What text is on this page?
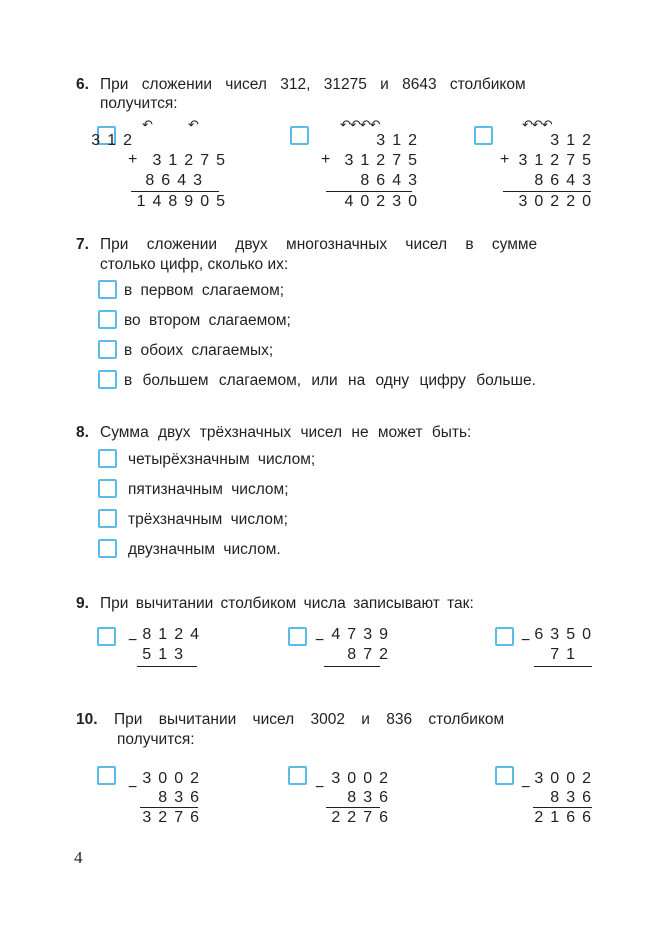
6. При сложении чисел 312, 31275 и 8643 столбиком
получится:
↶	↶
312
+ 31275
8643
148905
↶↶↶↶
312
+ 31275
8643
40230
↶↶↶
312
+ 31275
8643
30220
7. При сложении двух многозначных чисел в сумме
столько цифр, сколько их:
в первом слагаемом;
во втором слагаемом;
в обоих слагаемых;
в большем слагаемом, или на одну цифру больше.
8. Сумма двух трёхзначных чисел не может быть:
четырёхзначным числом;
пятизначным числом;
трёхзначным числом;
двузначным числом.
9. При вычитании столбиком числа записывают так:
− 8124
513
− 4739
872
− 6350
71
10. При вычитании чисел 3002 и 836 столбиком
получится:
−
3002
836
3276
−
3002
836
2276
−
3002
836
2166
4
